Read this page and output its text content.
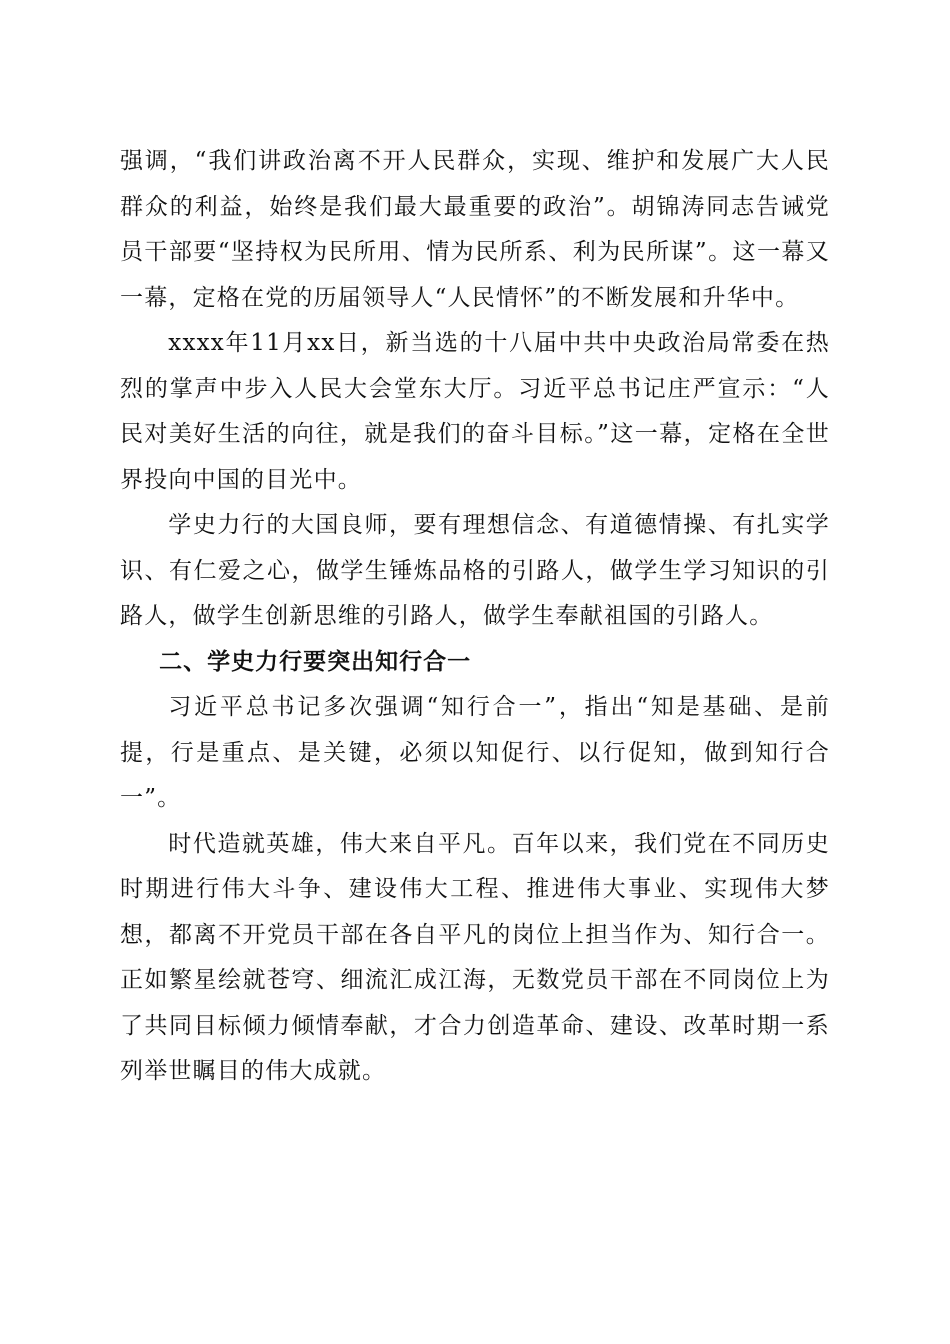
强调，“我们讲政治离不开人民群众，实现、维护和发展广大人民群众的利益，始终是我们最大最重要的政治”。胡锦涛同志告诫党员干部要“坚持权为民所用、情为民所系、利为民所谋”。这一幕又一幕，定格在党的历届领导人“人民情怀”的不断发展和升华中。

xxxx年11月xx日，新当选的十八届中共中央政治局常委在热烈的掌声中步入人民大会堂东大厅。习近平总书记庄严宣示：“人民对美好生活的向往，就是我们的奋斗目标。”这一幕，定格在全世界投向中国的目光中。

学史力行的大国良师，要有理想信念、有道德情操、有扎实学识、有仁爱之心，做学生锤炼品格的引路人，做学生学习知识的引路人，做学生创新思维的引路人，做学生奉献祖国的引路人。

二、学史力行要突出知行合一

习近平总书记多次强调“知行合一”，指出“知是基础、是前提，行是重点、是关键，必须以知促行、以行促知，做到知行合一”。

时代造就英雄，伟大来自平凡。百年以来，我们党在不同历史时期进行伟大斗争、建设伟大工程、推进伟大事业、实现伟大梦想，都离不开党员干部在各自平凡的岗位上担当作为、知行合一。正如繁星绘就苍穹、细流汇成江海，无数党员干部在不同岗位上为了共同目标倾力倾情奉献，才合力创造革命、建设、改革时期一系列举世瞩目的伟大成就。
